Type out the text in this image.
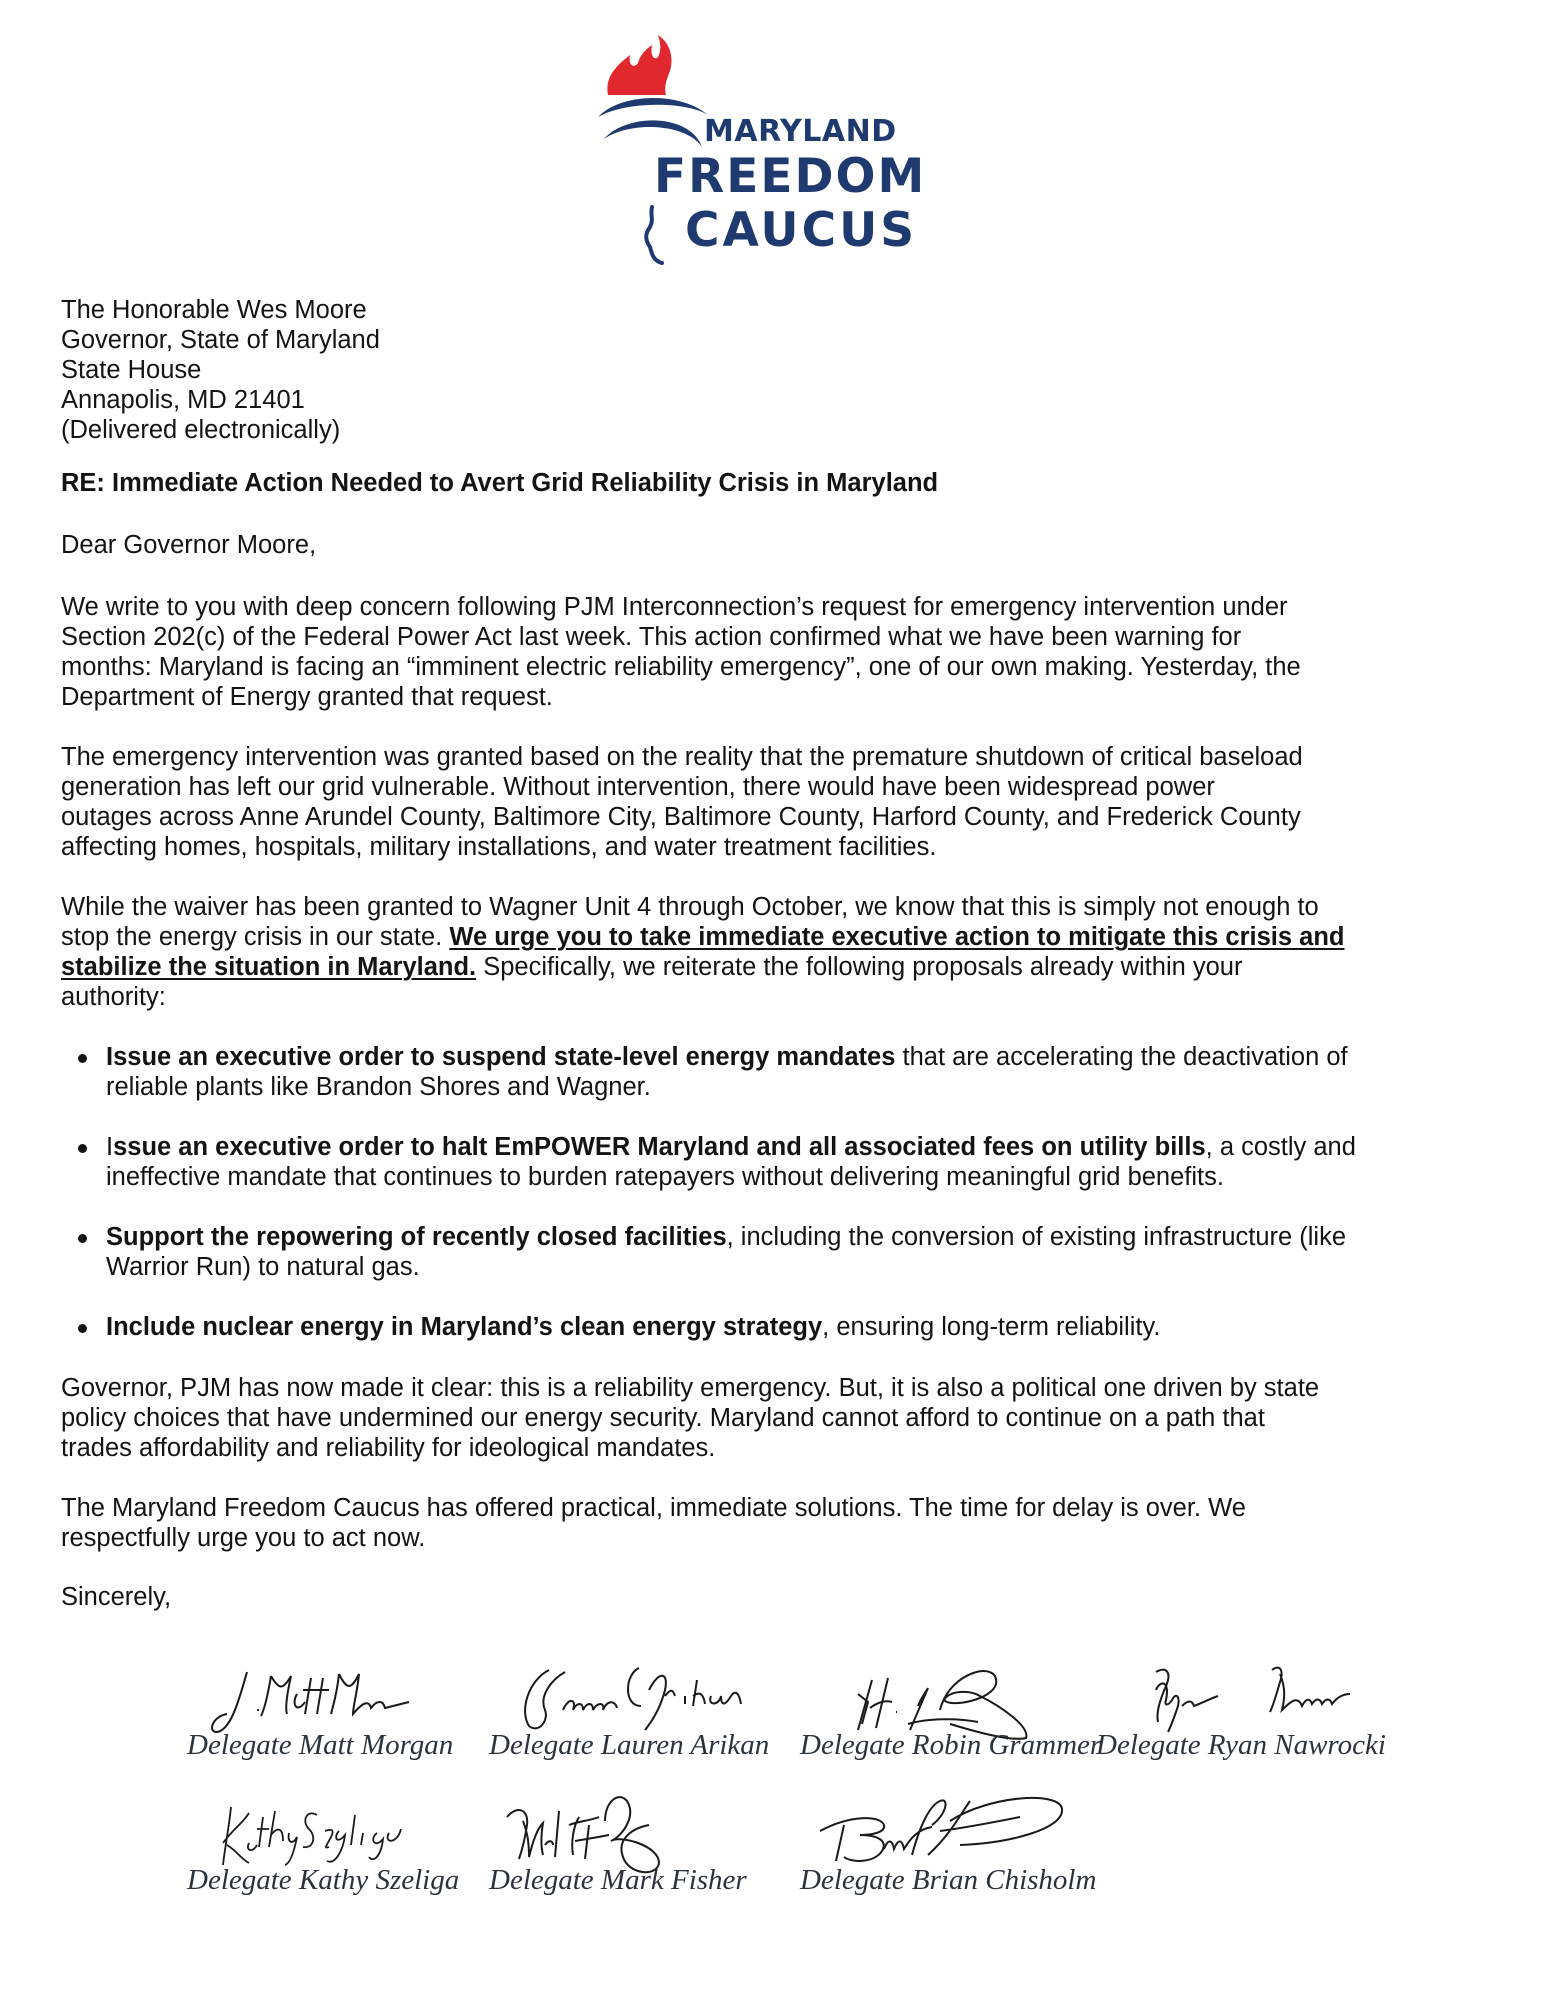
MARYLAND
FREEDOM
CAUCUS
The Honorable Wes Moore
Governor, State of Maryland
State House
Annapolis, MD 21401
(Delivered electronically)
RE: Immediate Action Needed to Avert Grid Reliability Crisis in Maryland
Dear Governor Moore,
We write to you with deep concern following PJM Interconnection’s request for emergency intervention under
Section 202(c) of the Federal Power Act last week. This action confirmed what we have been warning for
months: Maryland is facing an “imminent electric reliability emergency”, one of our own making. Yesterday, the
Department of Energy granted that request.
The emergency intervention was granted based on the reality that the premature shutdown of critical baseload
generation has left our grid vulnerable. Without intervention, there would have been widespread power
outages across Anne Arundel County, Baltimore City, Baltimore County, Harford County, and Frederick County
affecting homes, hospitals, military installations, and water treatment facilities.
While the waiver has been granted to Wagner Unit 4 through October, we know that this is simply not enough to
stop the energy crisis in our state. We urge you to take immediate executive action to mitigate this crisis and
stabilize the situation in Maryland. Specifically, we reiterate the following proposals already within your
authority:
Issue an executive order to suspend state-level energy mandates that are accelerating the deactivation of
reliable plants like Brandon Shores and Wagner.
Issue an executive order to halt EmPOWER Maryland and all associated fees on utility bills, a costly and
ineffective mandate that continues to burden ratepayers without delivering meaningful grid benefits.
Support the repowering of recently closed facilities, including the conversion of existing infrastructure (like
Warrior Run) to natural gas.
Include nuclear energy in Maryland’s clean energy strategy, ensuring long-term reliability.
Governor, PJM has now made it clear: this is a reliability emergency. But, it is also a political one driven by state
policy choices that have undermined our energy security. Maryland cannot afford to continue on a path that
trades affordability and reliability for ideological mandates.
The Maryland Freedom Caucus has offered practical, immediate solutions. The time for delay is over. We
respectfully urge you to act now.
Sincerely,
Delegate Matt Morgan Delegate Lauren Arikan Delegate Robin Grammer
Delegate Ryan Nawrocki
Delegate Kathy Szeliga Delegate Mark Fisher Delegate Brian Chisholm
